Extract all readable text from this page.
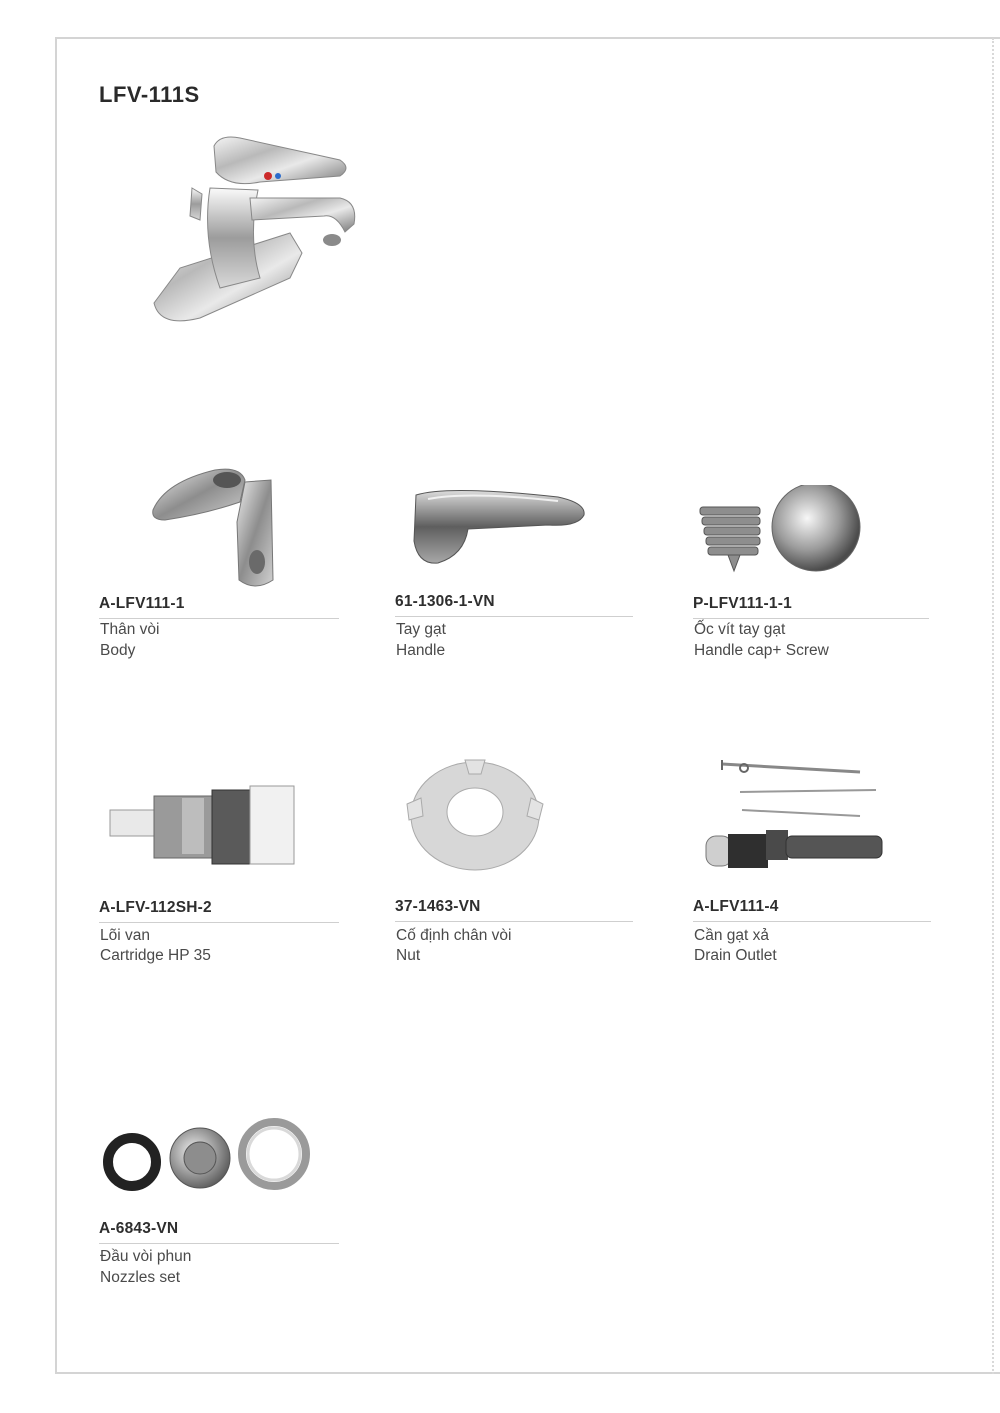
LFV-111S
A-LFV111-1
Thân vòi
Body
61-1306-1-VN
Tay gạt
Handle
P-LFV111-1-1
Ốc vít tay gạt
Handle cap+ Screw
A-LFV-112SH-2
Lõi van
Cartridge HP 35
37-1463-VN
Cố định chân vòi
Nut
A-LFV111-4
Cần gạt xả
Drain Outlet
A-6843-VN
Đầu vòi phun
Nozzles set
